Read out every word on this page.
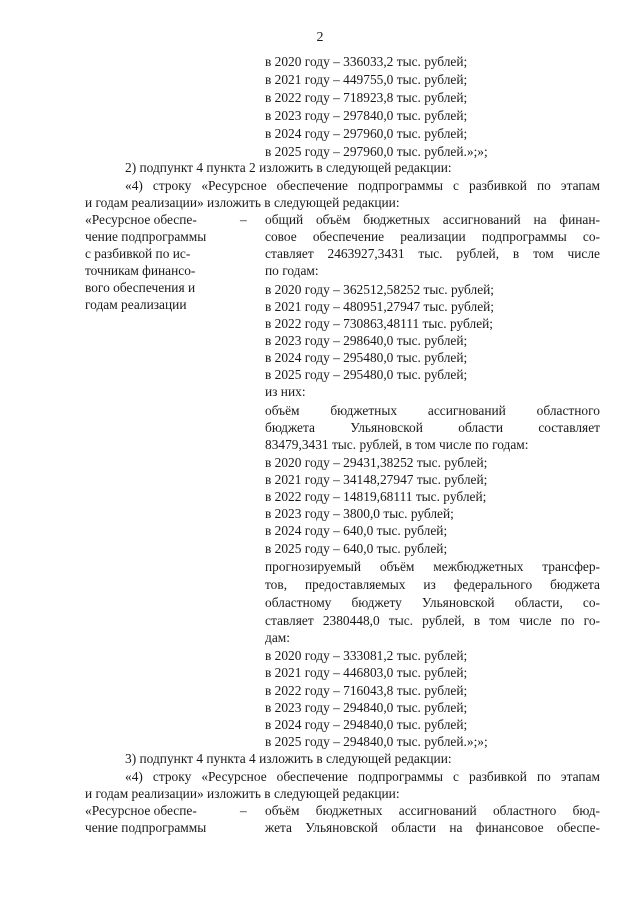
2
в 2020 году – 336033,2 тыс. рублей;
в 2021 году – 449755,0 тыс. рублей;
в 2022 году – 718923,8 тыс. рублей;
в 2023 году – 297840,0 тыс. рублей;
в 2024 году – 297960,0 тыс. рублей;
в 2025 году – 297960,0 тыс. рублей.»;»;
2) подпункт 4 пункта 2 изложить в следующей редакции:
«4) строку «Ресурсное обеспечение подпрограммы с разбивкой по этапам
и годам реализации» изложить в следующей редакции:
«Ресурсное обеспе-
чение подпрограммы
с разбивкой по ис-
точникам финансо-
вого обеспечения и
годам реализации
– общий объём бюджетных ассигнований на финан-
совое обеспечение реализации подпрограммы со-
ставляет 2463927,3431 тыс. рублей, в том числе
по годам:
в 2020 году – 362512,58252 тыс. рублей;
в 2021 году – 480951,27947 тыс. рублей;
в 2022 году – 730863,48111 тыс. рублей;
в 2023 году – 298640,0 тыс. рублей;
в 2024 году – 295480,0 тыс. рублей;
в 2025 году – 295480,0 тыс. рублей;
из них:
объём бюджетных ассигнований областного
бюджета Ульяновской области составляет
83479,3431 тыс. рублей, в том числе по годам:
в 2020 году – 29431,38252 тыс. рублей;
в 2021 году – 34148,27947 тыс. рублей;
в 2022 году – 14819,68111 тыс. рублей;
в 2023 году – 3800,0 тыс. рублей;
в 2024 году – 640,0 тыс. рублей;
в 2025 году – 640,0 тыс. рублей;
прогнозируемый объём межбюджетных трансфер-
тов, предоставляемых из федерального бюджета
областному бюджету Ульяновской области, со-
ставляет 2380448,0 тыс. рублей, в том числе по го-
дам:
в 2020 году – 333081,2 тыс. рублей;
в 2021 году – 446803,0 тыс. рублей;
в 2022 году – 716043,8 тыс. рублей;
в 2023 году – 294840,0 тыс. рублей;
в 2024 году – 294840,0 тыс. рублей;
в 2025 году – 294840,0 тыс. рублей.»;»;
3) подпункт 4 пункта 4 изложить в следующей редакции:
«4) строку «Ресурсное обеспечение подпрограммы с разбивкой по этапам
и годам реализации» изложить в следующей редакции:
«Ресурсное обеспе-
чение подпрограммы
– объём бюджетных ассигнований областного бюд-
жета Ульяновской области на финансовое обеспе-
